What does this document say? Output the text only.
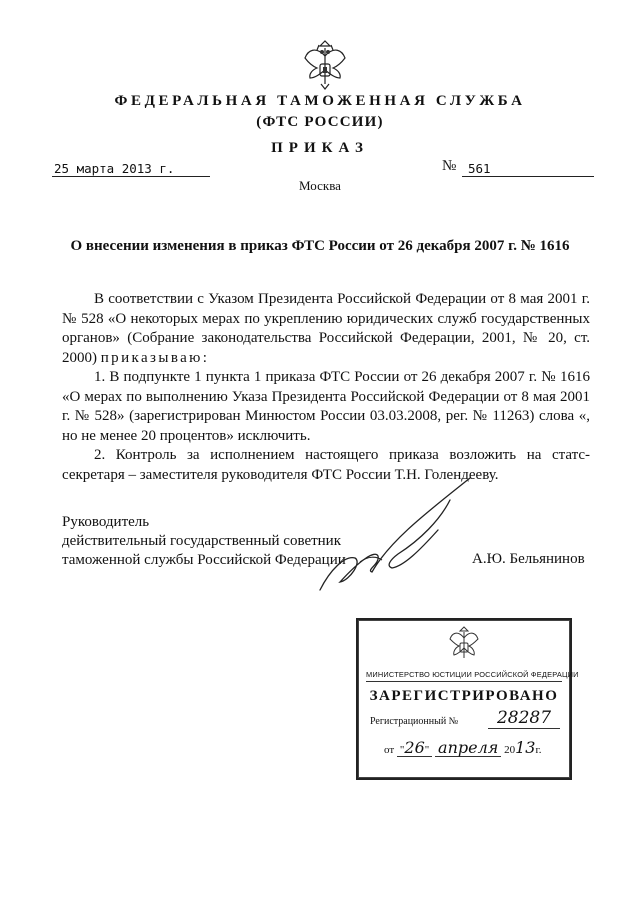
ФЕДЕРАЛЬНАЯ ТАМОЖЕННАЯ СЛУЖБА
(ФТС РОССИИ)
ПРИКАЗ
25 марта 2013 г.	№ 561
Москва
О внесении изменения в приказ ФТС России от 26 декабря 2007 г. № 1616

В соответствии с Указом Президента Российской Федерации от 8 мая 2001 г. № 528 «О некоторых мерах по укреплению юридических служб государственных органов» (Собрание законодательства Российской Федерации, 2001, № 20, ст. 2000) приказываю:

1. В подпункте 1 пункта 1 приказа ФТС России от 26 декабря 2007 г. № 1616 «О мерах по выполнению Указа Президента Российской Федерации от 8 мая 2001 г. № 528» (зарегистрирован Минюстом России 03.03.2008, рег. № 11263) слова «, но не менее 20 процентов» исключить.

2. Контроль за исполнением настоящего приказа возложить на статс-секретаря – заместителя руководителя ФТС России Т.Н. Голендееву.

Руководитель
действительный государственный советник
таможенной службы Российской Федерации	А.Ю. Бельянинов
МИНИСТЕРСТВО ЮСТИЦИИ РОССИЙСКОЙ ФЕДЕРАЦИИ
ЗАРЕГИСТРИРОВАНО
Регистрационный №	28287
от "26" апреля 2013г.
